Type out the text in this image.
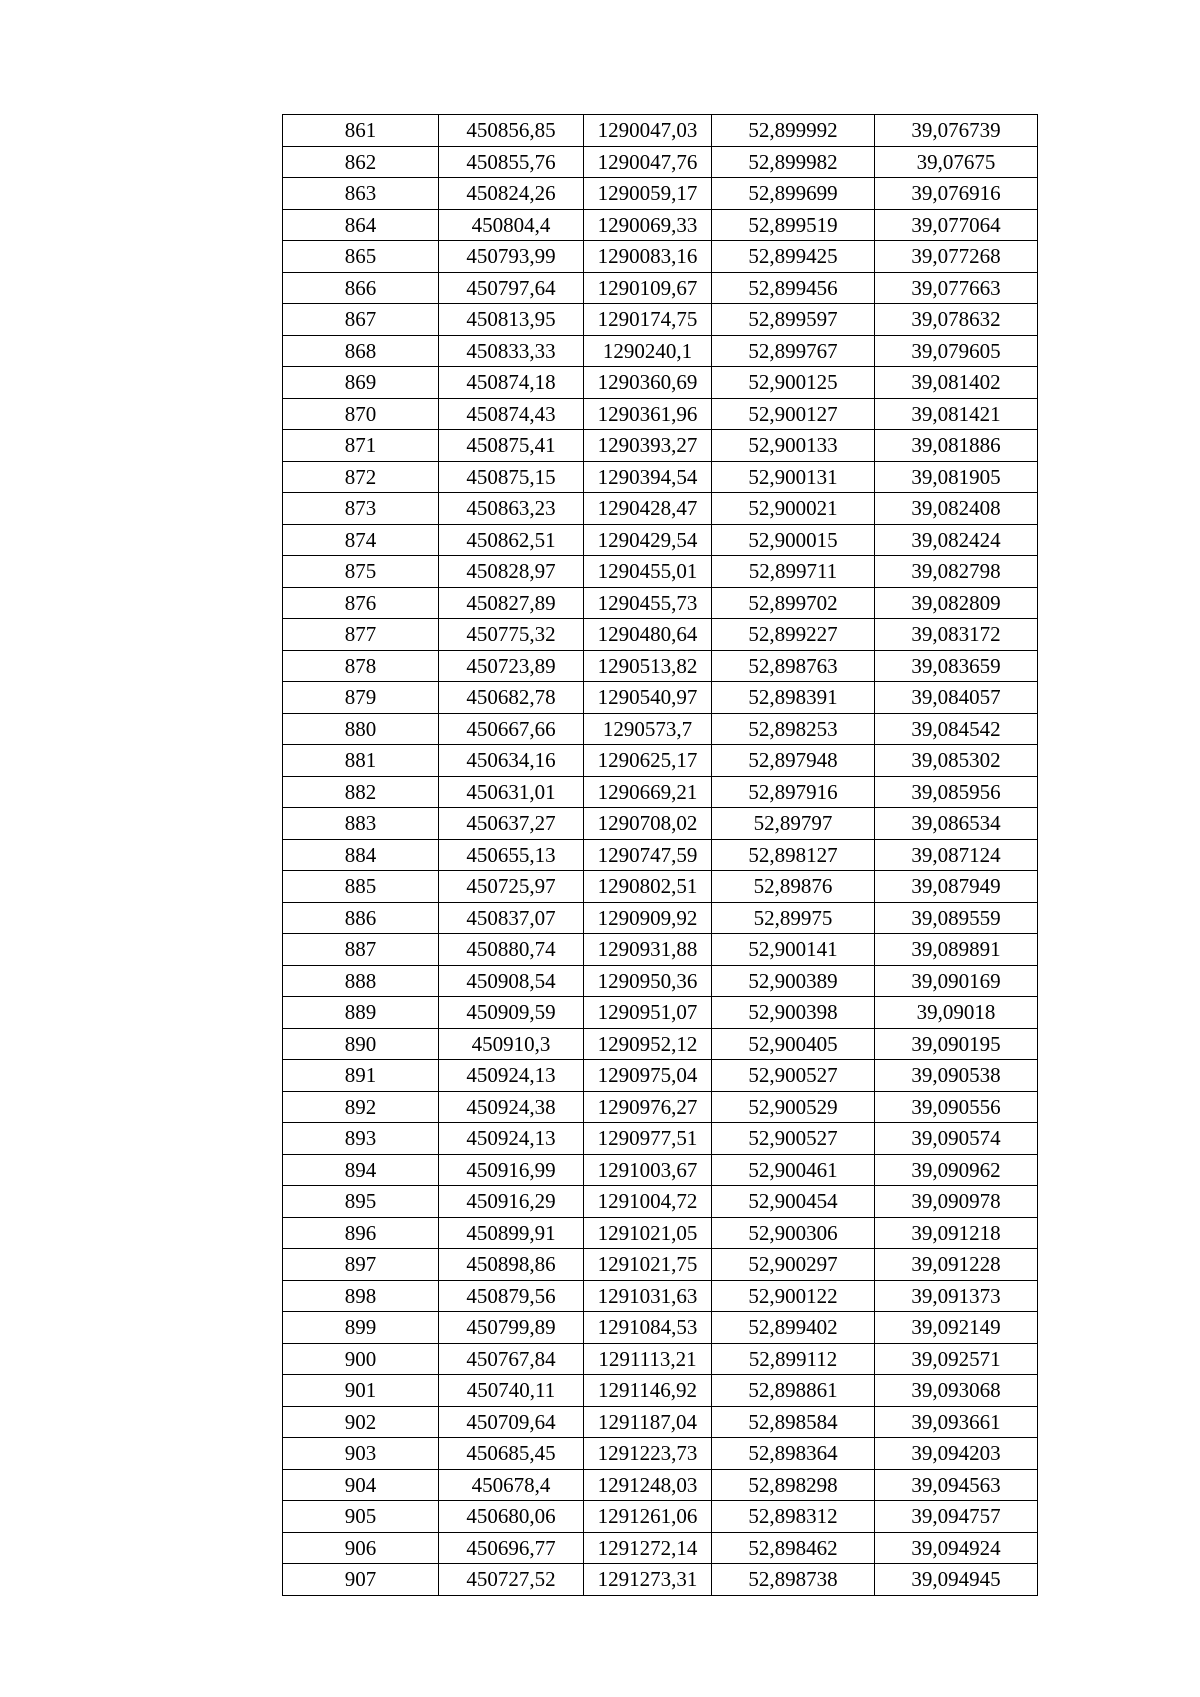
861	450856,85	1290047,03	52,899992	39,076739
862	450855,76	1290047,76	52,899982	39,07675
863	450824,26	1290059,17	52,899699	39,076916
864	450804,4	1290069,33	52,899519	39,077064
865	450793,99	1290083,16	52,899425	39,077268
866	450797,64	1290109,67	52,899456	39,077663
867	450813,95	1290174,75	52,899597	39,078632
868	450833,33	1290240,1	52,899767	39,079605
869	450874,18	1290360,69	52,900125	39,081402
870	450874,43	1290361,96	52,900127	39,081421
871	450875,41	1290393,27	52,900133	39,081886
872	450875,15	1290394,54	52,900131	39,081905
873	450863,23	1290428,47	52,900021	39,082408
874	450862,51	1290429,54	52,900015	39,082424
875	450828,97	1290455,01	52,899711	39,082798
876	450827,89	1290455,73	52,899702	39,082809
877	450775,32	1290480,64	52,899227	39,083172
878	450723,89	1290513,82	52,898763	39,083659
879	450682,78	1290540,97	52,898391	39,084057
880	450667,66	1290573,7	52,898253	39,084542
881	450634,16	1290625,17	52,897948	39,085302
882	450631,01	1290669,21	52,897916	39,085956
883	450637,27	1290708,02	52,89797	39,086534
884	450655,13	1290747,59	52,898127	39,087124
885	450725,97	1290802,51	52,89876	39,087949
886	450837,07	1290909,92	52,89975	39,089559
887	450880,74	1290931,88	52,900141	39,089891
888	450908,54	1290950,36	52,900389	39,090169
889	450909,59	1290951,07	52,900398	39,09018
890	450910,3	1290952,12	52,900405	39,090195
891	450924,13	1290975,04	52,900527	39,090538
892	450924,38	1290976,27	52,900529	39,090556
893	450924,13	1290977,51	52,900527	39,090574
894	450916,99	1291003,67	52,900461	39,090962
895	450916,29	1291004,72	52,900454	39,090978
896	450899,91	1291021,05	52,900306	39,091218
897	450898,86	1291021,75	52,900297	39,091228
898	450879,56	1291031,63	52,900122	39,091373
899	450799,89	1291084,53	52,899402	39,092149
900	450767,84	1291113,21	52,899112	39,092571
901	450740,11	1291146,92	52,898861	39,093068
902	450709,64	1291187,04	52,898584	39,093661
903	450685,45	1291223,73	52,898364	39,094203
904	450678,4	1291248,03	52,898298	39,094563
905	450680,06	1291261,06	52,898312	39,094757
906	450696,77	1291272,14	52,898462	39,094924
907	450727,52	1291273,31	52,898738	39,094945
